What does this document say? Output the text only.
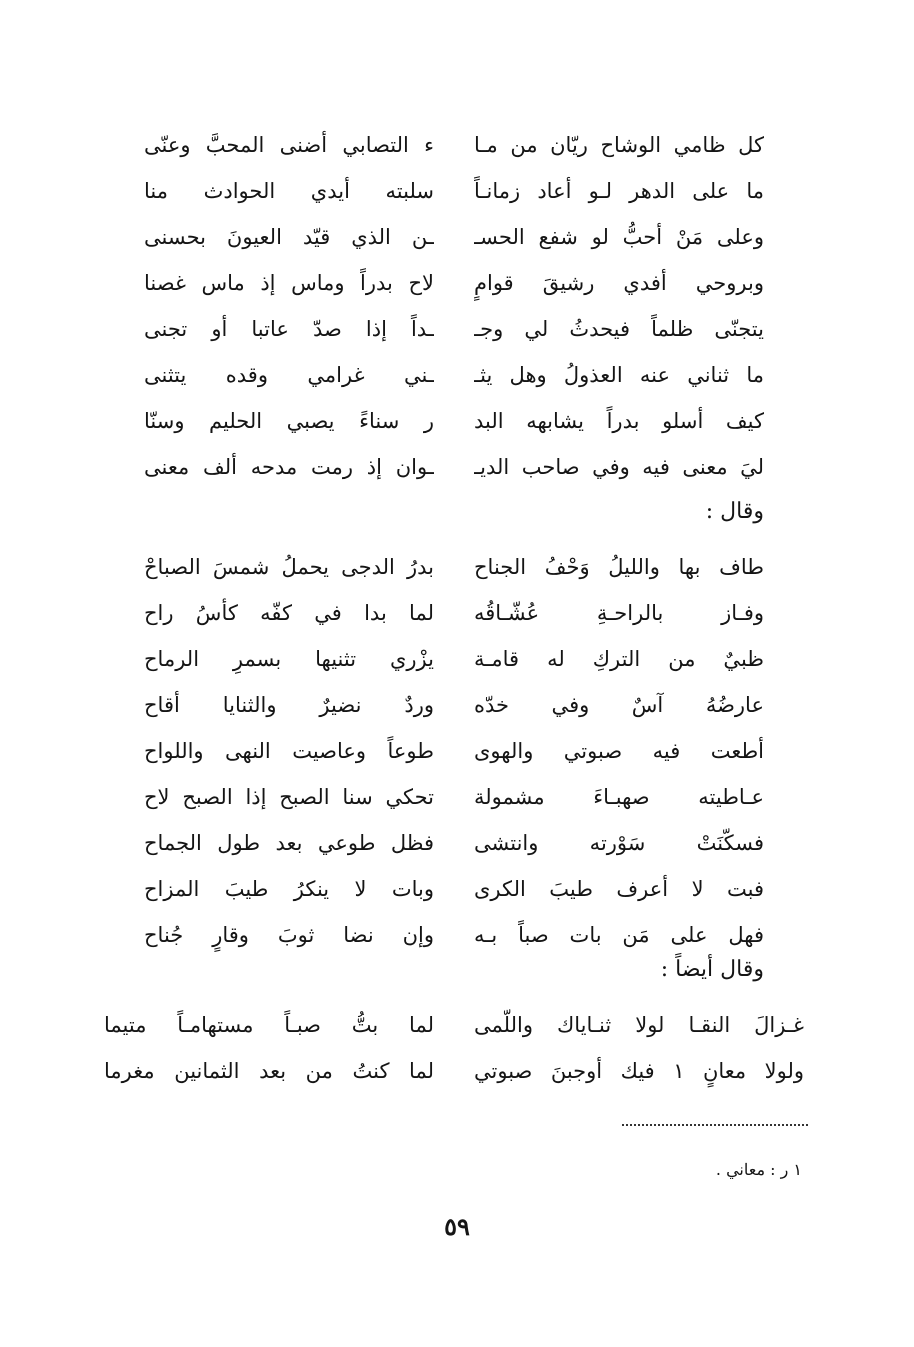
كل ظامي الوشاح ريّان من مـا
ء التصابي أضنى المحبَّ وعنّى
ما على الدهر لـو أعاد زمانـاً
سلبته أيدي الحوادث منا
وعلى مَنْ أحبُّ لو شفع الحسـ
ـن الذي قيّد العيونَ بحسنى
وبروحي أفدي رشيقَ قوامٍ
لاح بدراً وماس إذ ماس غصنا
يتجنّى ظلماً فيحدثُ لي وجـ
ـداً إذا صدّ عاتبا أو تجنى
ما ثناني عنه العذولُ وهل يثـ
ـني غرامي وقده يتثنى
كيف أسلو بدراً يشابهه البد
ر سناءً يصبي الحليم وسنّا
ليَ معنى فيه وفي صاحب الديـ
ـوان إذ رمت مدحه ألف معنى
وقال :
طاف بها والليلُ وَحْفُ الجناح
بدرُ الدجى يحملُ شمسَ الصباحْ
وفـاز بالراحـةِ عُشّـاقُه
لما بدا في كفّه كأسُ راح
ظبيٌ من التركِ له قامـة
يزْري تثنيها بسمرِ الرماح
عارضُهُ آسٌ وفي خدّه
وردٌ نضيرٌ والثنايا أقاح
أطعت فيه صبوتي والهوى
طوعاً وعاصيت النهى واللواح
عـاطيته صهبـاءَ مشمولة
تحكي سنا الصبح إذا الصبح لاح
فسكّنَتْ سَوْرته وانتشى
فظل طوعي بعد طول الجماح
فبت لا أعرف طيبَ الكرى
وبات لا ينكرُ طيبَ المزاح
فهل على مَن بات صباً بـه
وإن نضا ثوبَ وقارٍ جُناح
وقال أيضاً :
غـزالَ النقـا لولا ثنـاياك واللّمى
لما بتُّ صبـاً مستهامـاً متيما
ولولا معانٍ ١ فيك أوجبنَ صبوتي
لما كنتُ من بعد الثمانين مغرما
١ ر : معاني .
٥٩
